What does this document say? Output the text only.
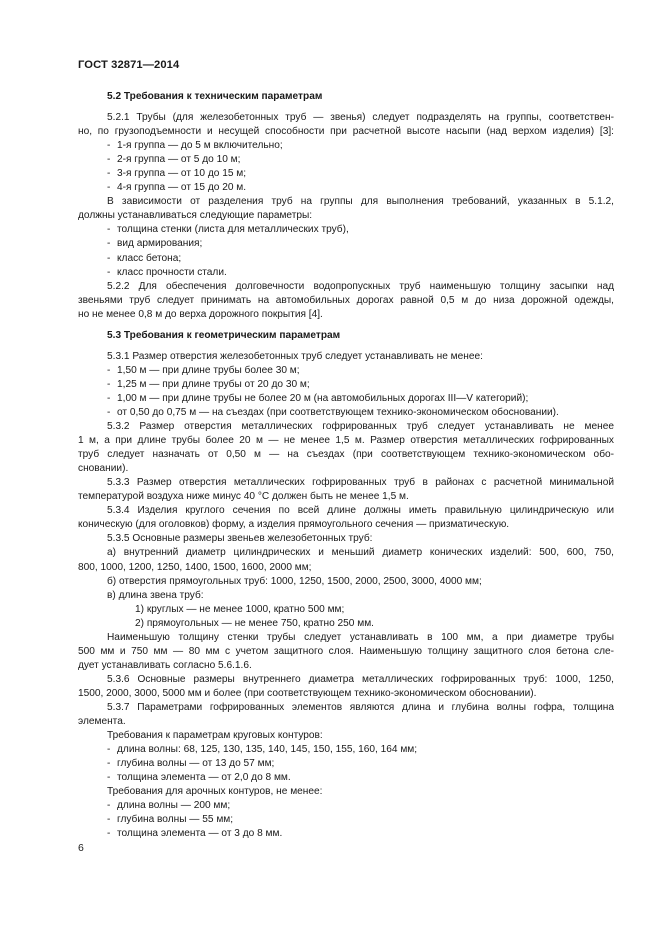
ГОСТ 32871—2014
5.2 Требования к техническим параметрам
5.2.1 Трубы (для железобетонных труб — звенья) следует подразделять на группы, соответствен-
но, по грузоподъемности и несущей способности при расчетной высоте насыпи (над верхом изделия) [3]:
- 1-я группа — до 5 м включительно;
- 2-я группа — от 5 до 10 м;
- 3-я группа — от 10 до 15 м;
- 4-я группа — от 15 до 20 м.
В зависимости от разделения труб на группы для выполнения требований, указанных в 5.1.2,
должны устанавливаться следующие параметры:
- толщина стенки (листа для металлических труб),
- вид армирования;
- класс бетона;
- класс прочности стали.
5.2.2 Для обеспечения долговечности водопропускных труб наименьшую толщину засыпки над
звеньями труб следует принимать на автомобильных дорогах равной 0,5 м до низа дорожной одежды,
но не менее 0,8 м до верха дорожного покрытия [4].
5.3 Требования к геометрическим параметрам
5.3.1 Размер отверстия железобетонных труб следует устанавливать не менее:
- 1,50 м — при длине трубы более 30 м;
- 1,25 м — при длине трубы от 20 до 30 м;
- 1,00 м — при длине трубы не более 20 м (на автомобильных дорогах III—V категорий);
- от 0,50 до 0,75 м — на съездах (при соответствующем технико-экономическом обосновании).
5.3.2 Размер отверстия металлических гофрированных труб следует устанавливать не менее
1 м, а при длине трубы более 20 м — не менее 1,5 м. Размер отверстия металлических гофрированных
труб следует назначать от 0,50 м — на съездах (при соответствующем технико-экономическом обо-
сновании).
5.3.3 Размер отверстия металлических гофрированных труб в районах с расчетной минимальной
температурой воздуха ниже минус 40 °С должен быть не менее 1,5 м.
5.3.4 Изделия круглого сечения по всей длине должны иметь правильную цилиндрическую или
коническую (для оголовков) форму, а изделия прямоугольного сечения — призматическую.
5.3.5 Основные размеры звеньев железобетонных труб:
а) внутренний диаметр цилиндрических и меньший диаметр конических изделий: 500, 600, 750,
800, 1000, 1200, 1250, 1400, 1500, 1600, 2000 мм;
б) отверстия прямоугольных труб: 1000, 1250, 1500, 2000, 2500, 3000, 4000 мм;
в) длина звена труб:
1) круглых — не менее 1000, кратно 500 мм;
2) прямоугольных — не менее 750, кратно 250 мм.
Наименьшую толщину стенки трубы следует устанавливать в 100 мм, а при диаметре трубы
500 мм и 750 мм — 80 мм с учетом защитного слоя. Наименьшую толщину защитного слоя бетона сле-
дует устанавливать согласно 5.6.1.6.
5.3.6 Основные размеры внутреннего диаметра металлических гофрированных труб: 1000, 1250,
1500, 2000, 3000, 5000 мм и более (при соответствующем технико-экономическом обосновании).
5.3.7 Параметрами гофрированных элементов являются длина и глубина волны гофра, толщина
элемента.
Требования к параметрам круговых контуров:
- длина волны: 68, 125, 130, 135, 140, 145, 150, 155, 160, 164 мм;
- глубина волны — от 13 до 57 мм;
- толщина элемента — от 2,0 до 8 мм.
Требования для арочных контуров, не менее:
- длина волны — 200 мм;
- глубина волны — 55 мм;
- толщина элемента — от 3 до 8 мм.
6
